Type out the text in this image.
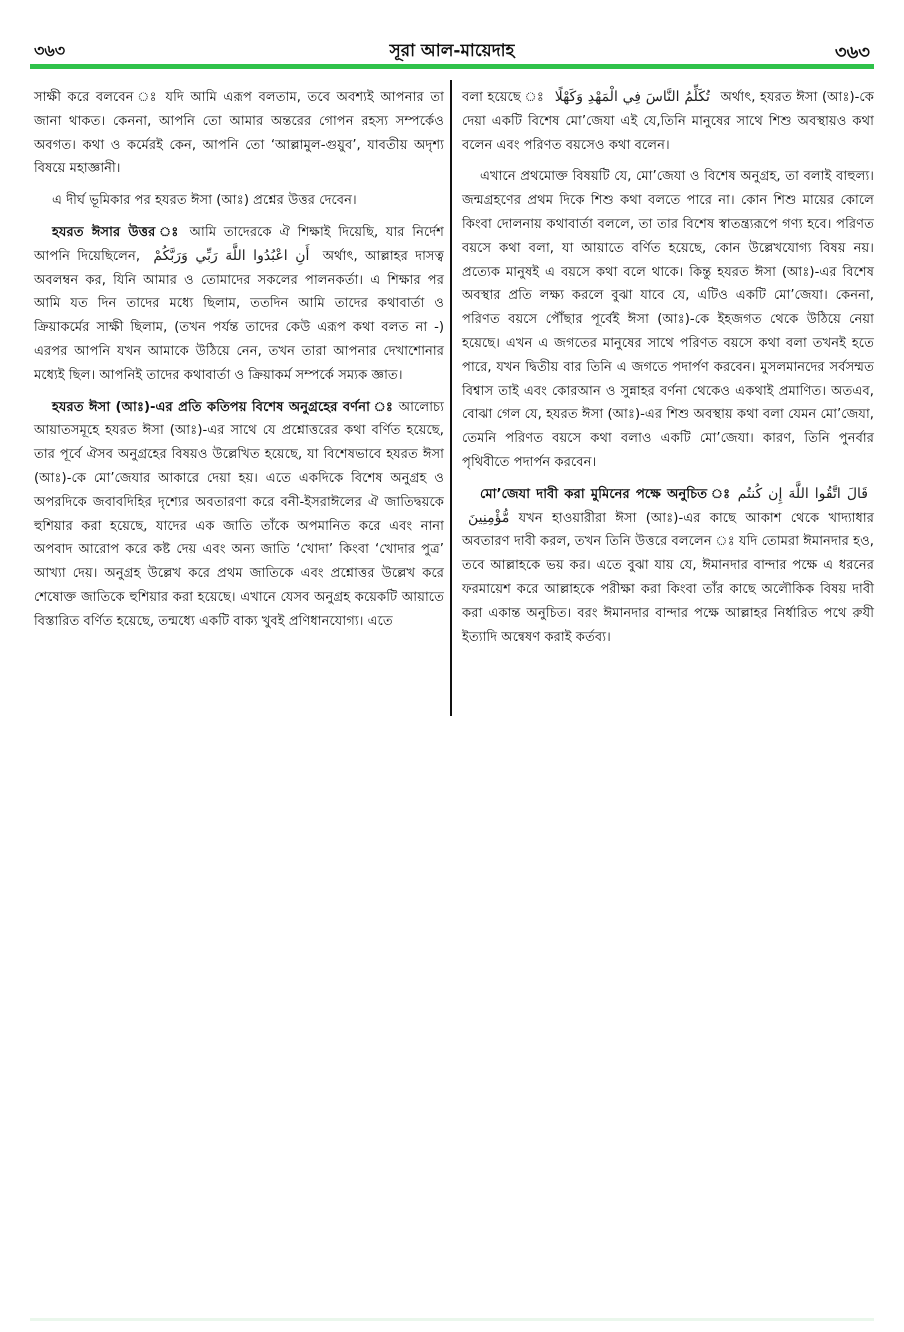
৩৬৩	সূরা আল-মায়েদাহ	৩৬৩

সাক্ষী করে বলবেন ঃ যদি আমি এরূপ বলতাম, তবে অবশ্যই আপনার তা জানা থাকত। কেননা, আপনি তো আমার অন্তরের গোপন রহস্য সম্পর্কেও অবগত। কথা ও কর্মেরই কেন, আপনি তো ‘আল্লামুল-গুয়ুব’, যাবতীয় অদৃশ্য বিষয়ে মহাজ্ঞানী।

এ দীর্ঘ ভূমিকার পর হযরত ঈসা (আঃ) প্রশ্নের উত্তর দেবেন।

হযরত ঈসার উত্তর ঃ আমি তাদেরকে ঐ শিক্ষাই দিয়েছি, যার নির্দেশ আপনি দিয়েছিলেন, أَنِ اعْبُدُوا اللَّهَ رَبِّي وَرَبَّكُمْ অর্থাৎ, আল্লাহর দাসত্ব অবলম্বন কর, যিনি আমার ও তোমাদের সকলের পালনকর্তা। এ শিক্ষার পর আমি যত দিন তাদের মধ্যে ছিলাম, ততদিন আমি তাদের কথাবার্তা ও ক্রিয়াকর্মের সাক্ষী ছিলাম, (তখন পর্যন্ত তাদের কেউ এরূপ কথা বলত না -) এরপর আপনি যখন আমাকে উঠিয়ে নেন, তখন তারা আপনার দেখাশোনার মধ্যেই ছিল। আপনিই তাদের কথাবার্তা ও ক্রিয়াকর্ম সম্পর্কে সম্যক জ্ঞাত।

হযরত ঈসা (আঃ)-এর প্রতি কতিপয় বিশেষ অনুগ্রহের বর্ণনা ঃ আলোচ্য আয়াতসমূহে হযরত ঈসা (আঃ)-এর সাথে যে প্রশ্নোত্তরের কথা বর্ণিত হয়েছে, তার পূর্বে ঐসব অনুগ্রহের বিষয়ও উল্লেখিত হয়েছে, যা বিশেষভাবে হযরত ঈসা (আঃ)-কে মো’জেযার আকারে দেয়া হয়। এতে একদিকে বিশেষ অনুগ্রহ ও অপরদিকে জবাবদিহির দৃশ্যের অবতারণা করে বনী-ইসরাঈলের ঐ জাতিদ্বয়কে হুশিয়ার করা হয়েছে, যাদের এক জাতি তাঁকে অপমানিত করে এবং নানা অপবাদ আরোপ করে কষ্ট দেয় এবং অন্য জাতি ‘খোদা’ কিংবা ‘খোদার পুত্র’ আখ্যা দেয়। অনুগ্রহ উল্লেখ করে প্রথম জাতিকে এবং প্রশ্নোত্তর উল্লেখ করে শেষোক্ত জাতিকে হুশিয়ার করা হয়েছে। এখানে যেসব অনুগ্রহ কয়েকটি আয়াতে বিস্তারিত বর্ণিত হয়েছে, তন্মধ্যে একটি বাক্য খুবই প্রণিধানযোগ্য। এতে

বলা হয়েছে ঃ تُكَلِّمُ النَّاسَ فِي الْمَهْدِ وَكَهْلًا অর্থাৎ, হযরত ঈসা (আঃ)-কে দেয়া একটি বিশেষ মো’জেযা এই যে,তিনি মানুষের সাথে শিশু অবস্থায়ও কথা বলেন এবং পরিণত বয়সেও কথা বলেন।

এখানে প্রথমোক্ত বিষয়টি যে, মো’জেযা ও বিশেষ অনুগ্রহ, তা বলাই বাহুল্য। জন্মগ্রহণের প্রথম দিকে শিশু কথা বলতে পারে না। কোন শিশু মায়ের কোলে কিংবা দোলনায় কথাবার্তা বললে, তা তার বিশেষ স্বাতন্ত্র্যরূপে গণ্য হবে। পরিণত বয়সে কথা বলা, যা আয়াতে বর্ণিত হয়েছে, কোন উল্লেখযোগ্য বিষয় নয়। প্রত্যেক মানুষই এ বয়সে কথা বলে থাকে। কিন্তু হযরত ঈসা (আঃ)-এর বিশেষ অবস্থার প্রতি লক্ষ্য করলে বুঝা যাবে যে, এটিও একটি মো’জেযা। কেননা, পরিণত বয়সে পৌঁছার পূর্বেই ঈসা (আঃ)-কে ইহজগত থেকে উঠিয়ে নেয়া হয়েছে। এখন এ জগতের মানুষের সাথে পরিণত বয়সে কথা বলা তখনই হতে পারে, যখন দ্বিতীয় বার তিনি এ জগতে পদার্পণ করবেন। মুসলমানদের সর্বসম্মত বিশ্বাস তাই এবং কোরআন ও সুন্নাহর বর্ণনা থেকেও একথাই প্রমাণিত। অতএব, বোঝা গেল যে, হযরত ঈসা (আঃ)-এর শিশু অবস্থায় কথা বলা যেমন মো’জেযা, তেমনি পরিণত বয়সে কথা বলাও একটি মো’জেযা। কারণ, তিনি পুনর্বার পৃথিবীতে পদার্পন করবেন।

মো’জেযা দাবী করা মুমিনের পক্ষে অনুচিত ঃ قَالَ اتَّقُوا اللَّهَ إِن كُنتُم مُّؤْمِنِينَ যখন হাওয়ারীরা ঈসা (আঃ)-এর কাছে আকাশ থেকে খাদ্যাধার অবতারণ দাবী করল, তখন তিনি উত্তরে বললেন ঃ যদি তোমরা ঈমানদার হও, তবে আল্লাহকে ভয় কর। এতে বুঝা যায় যে, ঈমানদার বান্দার পক্ষে এ ধরনের ফরমায়েশ করে আল্লাহকে পরীক্ষা করা কিংবা তাঁর কাছে অলৌকিক বিষয় দাবী করা একান্ত অনুচিত। বরং ঈমানদার বান্দার পক্ষে আল্লাহর নির্ধারিত পথে রুযী ইত্যাদি অন্বেষণ করাই কর্তব্য।
